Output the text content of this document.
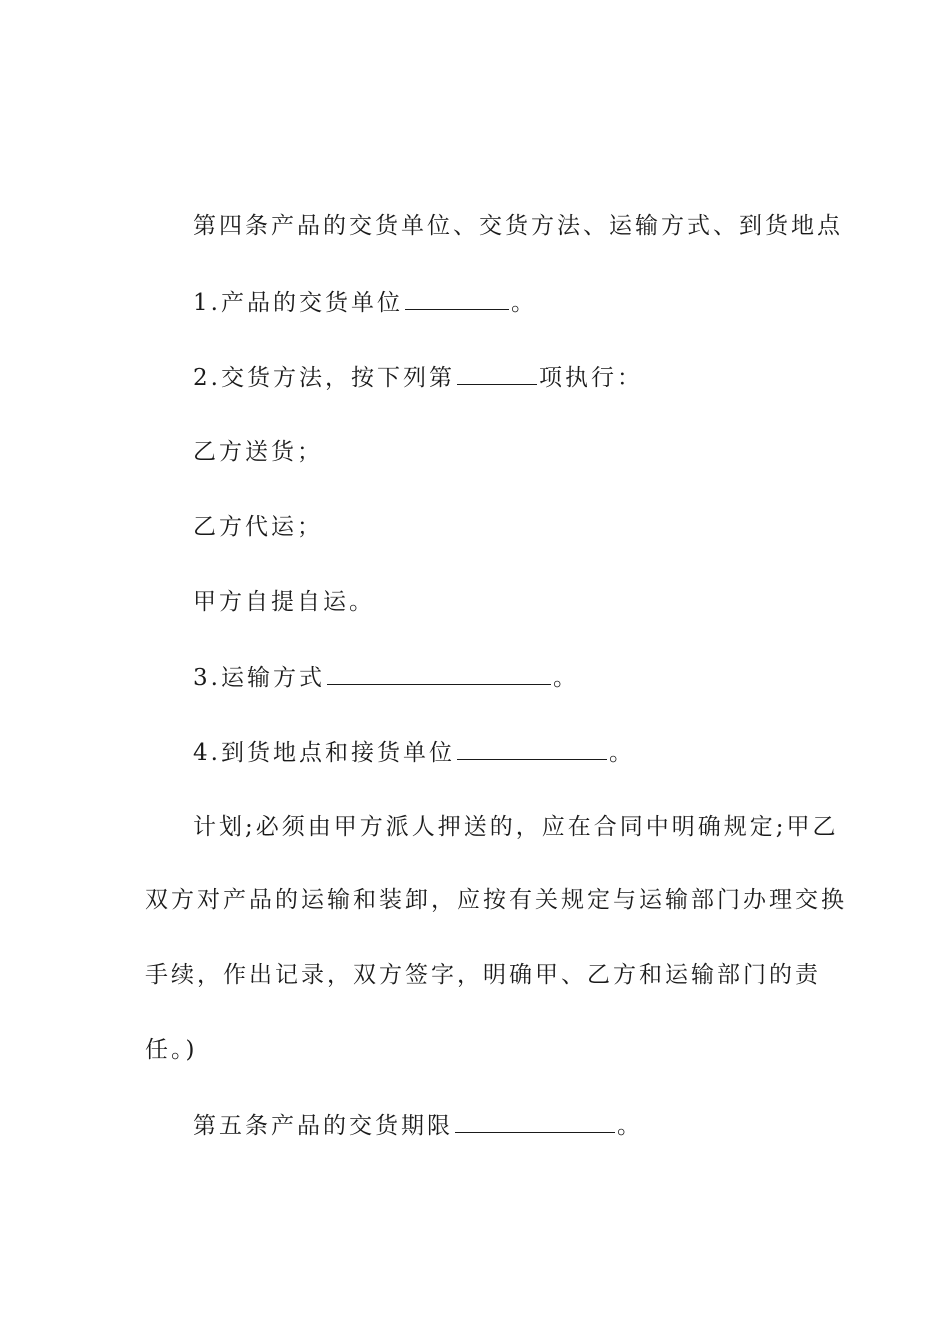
第四条产品的交货单位、交货方法、运输方式、到货地点
1.产品的交货单位	。
2.交货方法，按下列第	项执行：
乙方送货；
乙方代运；
甲方自提自运。
3.运输方式	。
4.到货地点和接货单位	。
计划;必须由甲方派人押送的，应在合同中明确规定;甲乙
双方对产品的运输和装卸，应按有关规定与运输部门办理交换
手续，作出记录，双方签字，明确甲、乙方和运输部门的责
任。)
第五条产品的交货期限	。
